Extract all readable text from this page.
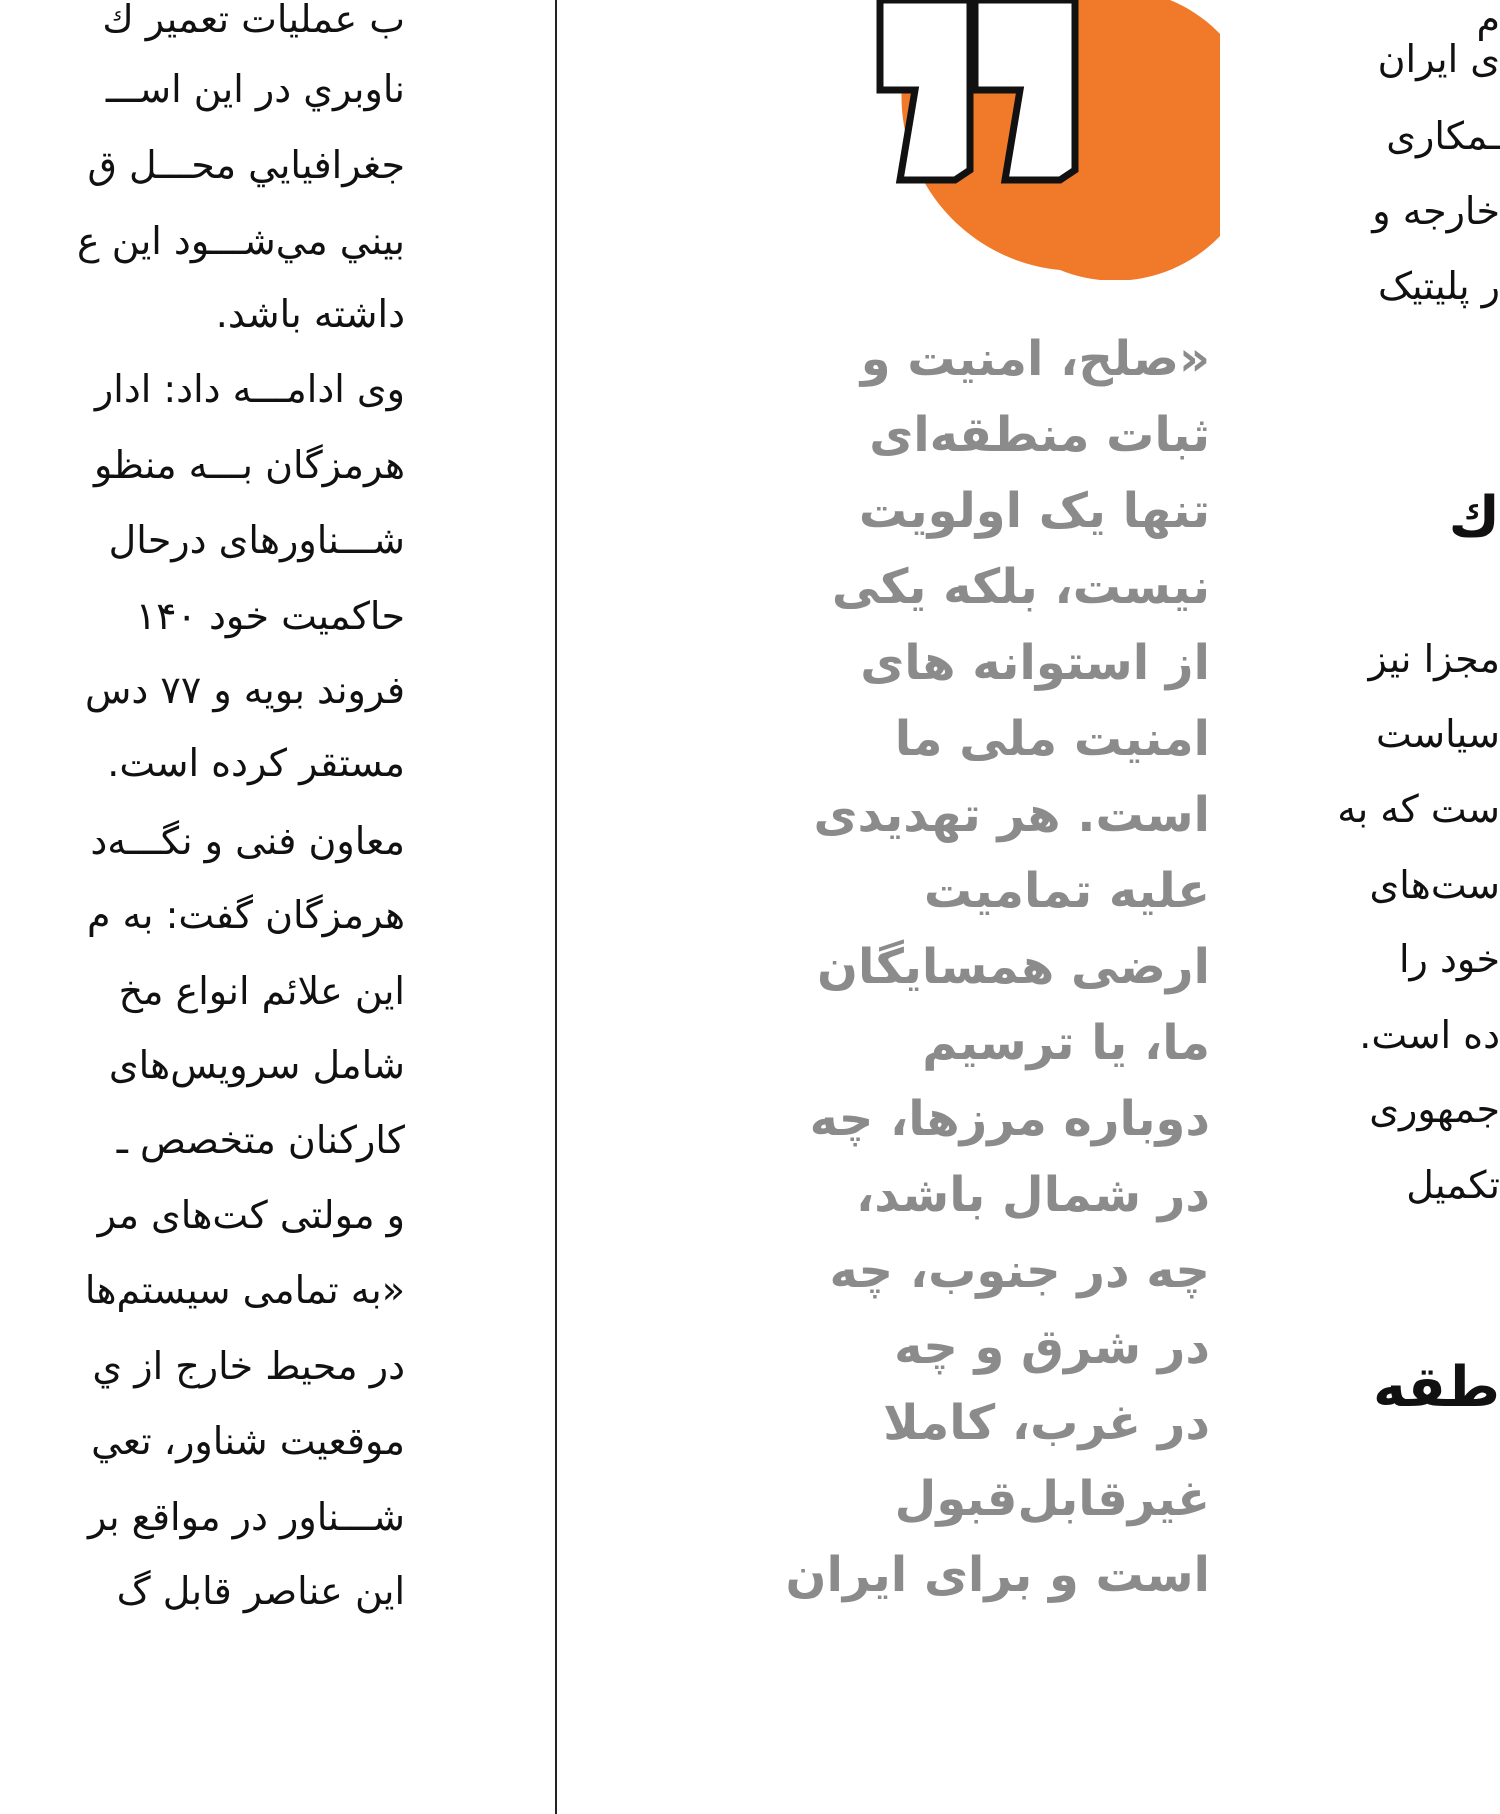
ب عمليات تعمير ك
ناوبري در اين اســـ
جغرافيايي محـــل ق
بيني مي‌شـــود اين ع
داشته باشد.
وی ادامـــه داد: ادار
هرمزگان بـــه منظو
شـــناورهای درحال
حاكميت خود ۱۴۰
فروند بويه و ۷۷ دس
مستقر كرده است.
معاون فنی و نگـــه‌د
هرمزگان گفت: به م
اين علائم انواع مخ
شامل سرويس‌های
كاركنان متخصص ـ
و مولتی كت‌های مر
«به تمامی سيستم‌ها
در محيط خارج از ي
موقعيت شناور، تعي
شـــناور در مواقع بر
اين عناصر قابل گ
«صلح، امنيت و
ثبات منطقه‌ای
تنها يک اولويت
نيست، بلكه يكی
از استوانه های
امنيت ملی ما
است. هر تهديدی
عليه تماميت
ارضی همسايگان
ما، يا ترسيم
دوباره مرزها، چه
در شمال باشد،
چه در جنوب، چه
در شرق و چه
در غرب، كاملا
غيرقابل‌قبول
است و برای ايران
م
ی ايران
ـمكاری
خارجه و
ر پليتيک
ك
مجزا نيز
سياست
ست كه به
ست‌های
خود را
ده است.
جمهوری
تكميل
طقه
